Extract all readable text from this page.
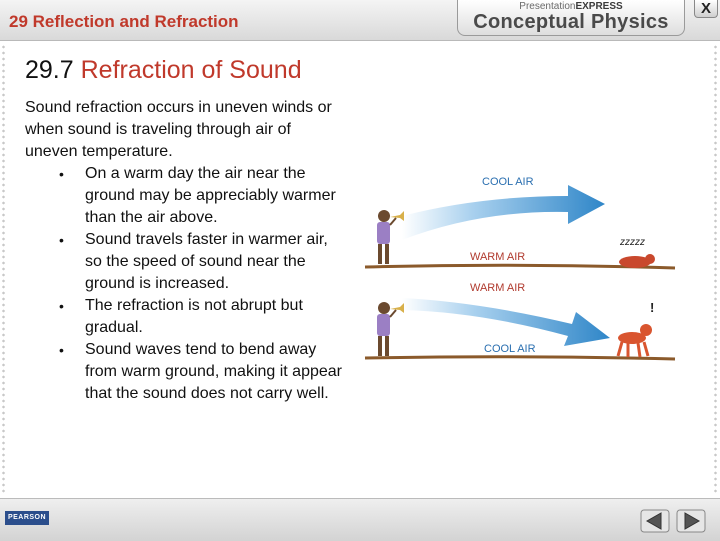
29 Reflection and Refraction
PresentationEXPRESS
Conceptual Physics
X
29.7 Refraction of Sound

Sound refraction occurs in uneven winds or when sound is traveling through air of uneven temperature.

• On a warm day the air near the ground may be appreciably warmer than the air above.
• Sound travels faster in warmer air, so the speed of sound near the ground is increased.
• The refraction is not abrupt but gradual.
• Sound waves tend to bend away from warm ground, making it appear that the sound does not carry well.
COOL AIR
WARM AIR
zzzzz
WARM AIR
COOL AIR
!
PEARSON
